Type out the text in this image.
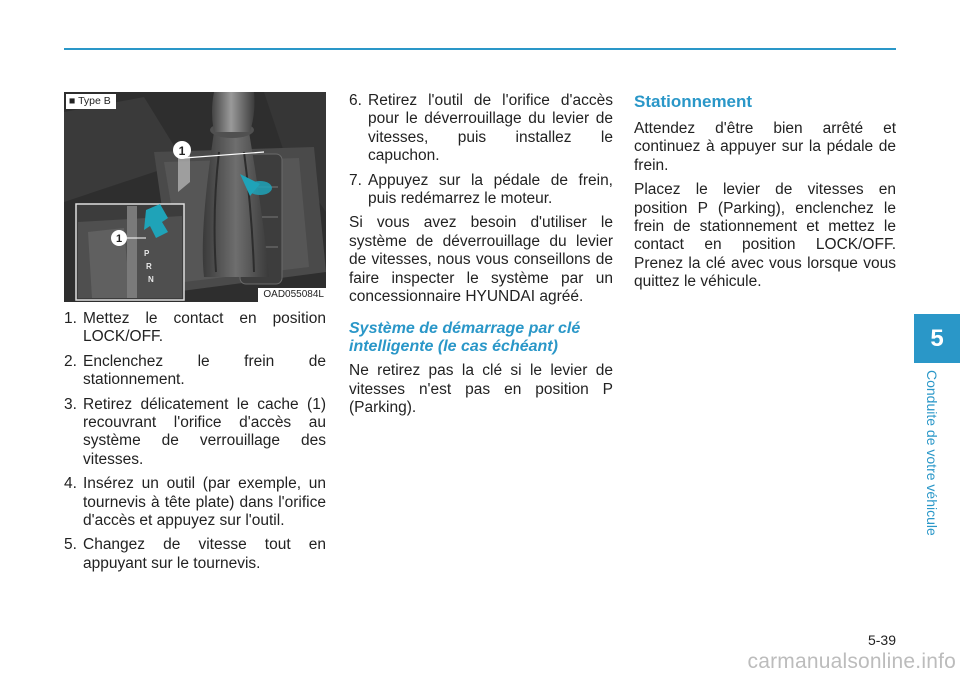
1
1
P
R
N
■ Type B
OAD055084L
1. Mettez le contact en position LOCK/OFF.
2. Enclenchez le frein de stationnement.
3. Retirez délicatement le cache (1) recouvrant l'orifice d'accès au système de verrouillage des vitesses.
4. Insérez un outil (par exemple, un tournevis à tête plate) dans l'orifice d'accès et appuyez sur l'outil.
5. Changez de vitesse tout en appuyant sur le tournevis.
6. Retirez l'outil de l'orifice d'accès pour le déverrouillage du levier de vitesses, puis installez le capuchon.
7. Appuyez sur la pédale de frein, puis redémarrez le moteur.

Si vous avez besoin d'utiliser le système de déverrouillage du levier de vitesses, nous vous conseillons de faire inspecter le système par un concessionnaire HYUNDAI agréé.

Système de démarrage par clé intelligente (le cas échéant)

Ne retirez pas la clé si le levier de vitesses n'est pas en position P (Parking).

Stationnement

Attendez d'être bien arrêté et continuez à appuyer sur la pédale de frein.

Placez le levier de vitesses en position P (Parking), enclenchez le frein de stationnement et mettez le contact en position LOCK/OFF. Prenez la clé avec vous lorsque vous quittez le véhicule.

5
Conduite de votre véhicule
5-39
carmanualsonline.info
